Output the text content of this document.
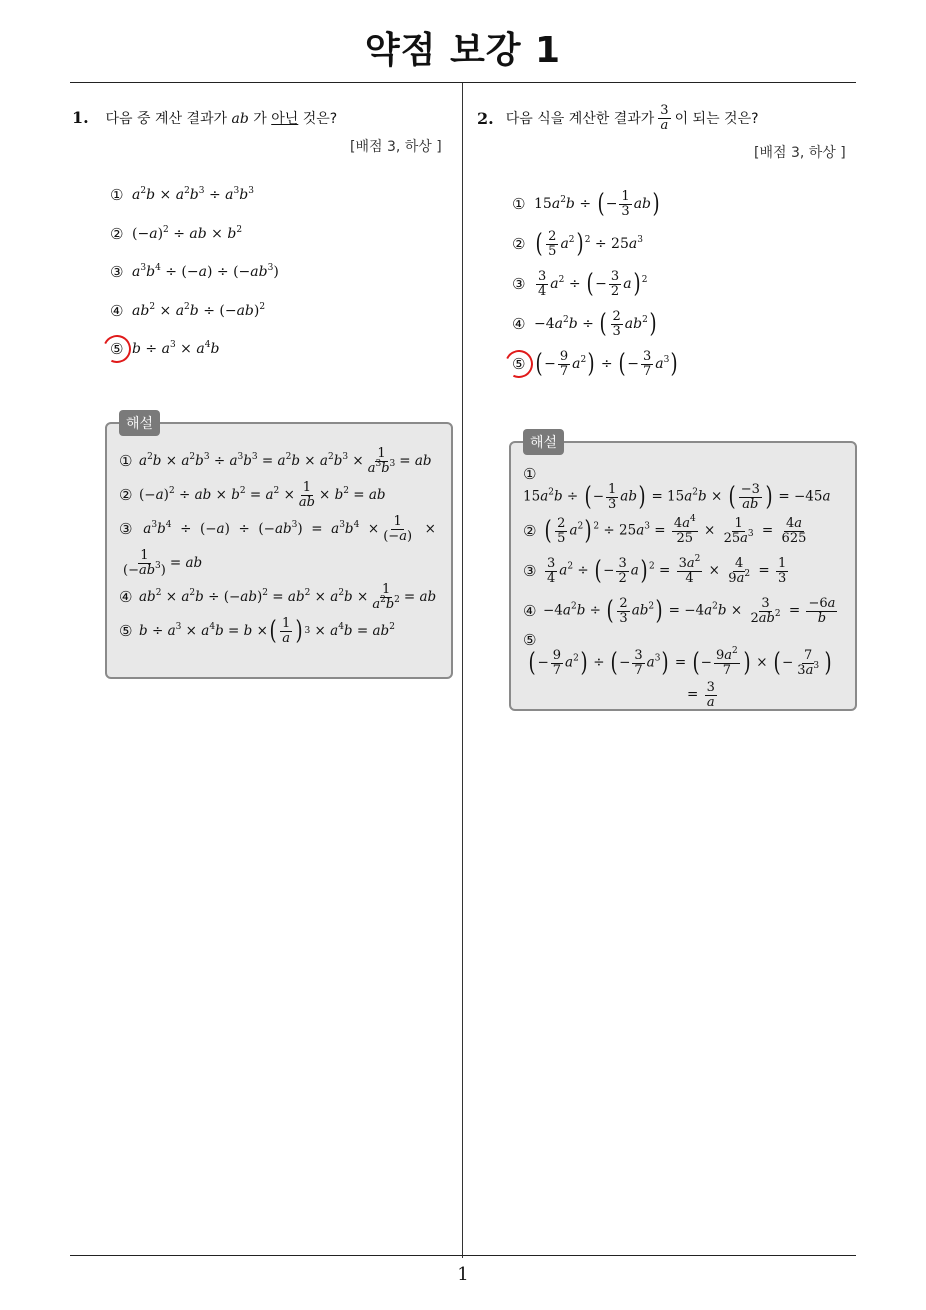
약점 보강 1
1. 다음 중 계산 결과가 ab 가 아닌 것은?
[배점 3, 하상 ]
① $a^2b \times a^2b^3 \div a^3b^3$
② $(-a)^2$ ÷ ab × $b^2$
③ $a^3b^4 \div (-a) \div (-ab^3)$
④ $ab^2 \times a^2b \div (-ab)^2$
⑤ $b \div a^3 \times a^4b$
① $a^2b \times a^2b^3 \div a^3b^3 = a^2b \times a^2b^3 \times \frac{1}{a^3b^3}$ = ab
② $(-a)^2$ ÷ ab × $b^2 = a^2 \times \frac{1}{ab} \times b^2$ = ab
③ $a^3b^4 \div (-a) \div (-ab^3) = a^3b^4 \times \frac{1}{(-a)}$ ×
$\frac{1}{(-ab^3)}$ = ab
④ $ab^2 \times a^2b \div (-ab)^2 = ab^2 \times a^2b \times \frac{1}{a^2b^2}$ = ab
⑤ $b \div a^3 \times a^4b = b$ × ( $\frac{1}{a}$ ) $3 \times a^4b = ab^2$
해설
2. 다음 식을 계산한 결과가 $\frac{3}{a}$ 이 되는 것은?
[배점 3, 하상 ]
① $15a^2b$ ÷ ( − $\frac{1}{3} ab$)
② ( $\frac{2}{5} a^2$) $^2 \div 25a^3$
③ $\frac{3}{4} a^2$ ÷ ( − $\frac{3}{2} a$) $^2$
④ $-4a^2b$ ÷ ( $\frac{2}{3} ab^2$)
⑤ ( − $\frac{9}{7} a^2$) ÷ ( − $\frac{3}{7} a^3$)
①
$15a^2b$ ÷ ( − $\frac{1}{3} ab) = 15a^2b$ × ( $\frac{-3}{ab}$ ) = −45a
② ( $\frac{2}{5} a^2$) $^2 \div 25a^3 = \frac{4a^4}{25} \times \frac{1}{25a^3} = \frac{4a}{625}$
③ $\frac{3}{4} a^2$ ÷ ( − $\frac{3}{2} a$) $^2 = \frac{3a^2}{4} \times \frac{4}{9a^2} = \frac{1}{3}$
④ $-4a^2b$ ÷ ( $\frac{2}{3} ab^2) = -4a^2b \times \frac{3}{2ab^2} = \frac{-6a}{b}$
⑤
( − $\frac{9}{7} a^2$) ÷ ( − $\frac{3}{7} a^3$) = ( − $\frac{9a^2}{7}$ ) × ( − $\frac{7}{3a^3}$ )
= $\frac{3}{a}$
해설
1
